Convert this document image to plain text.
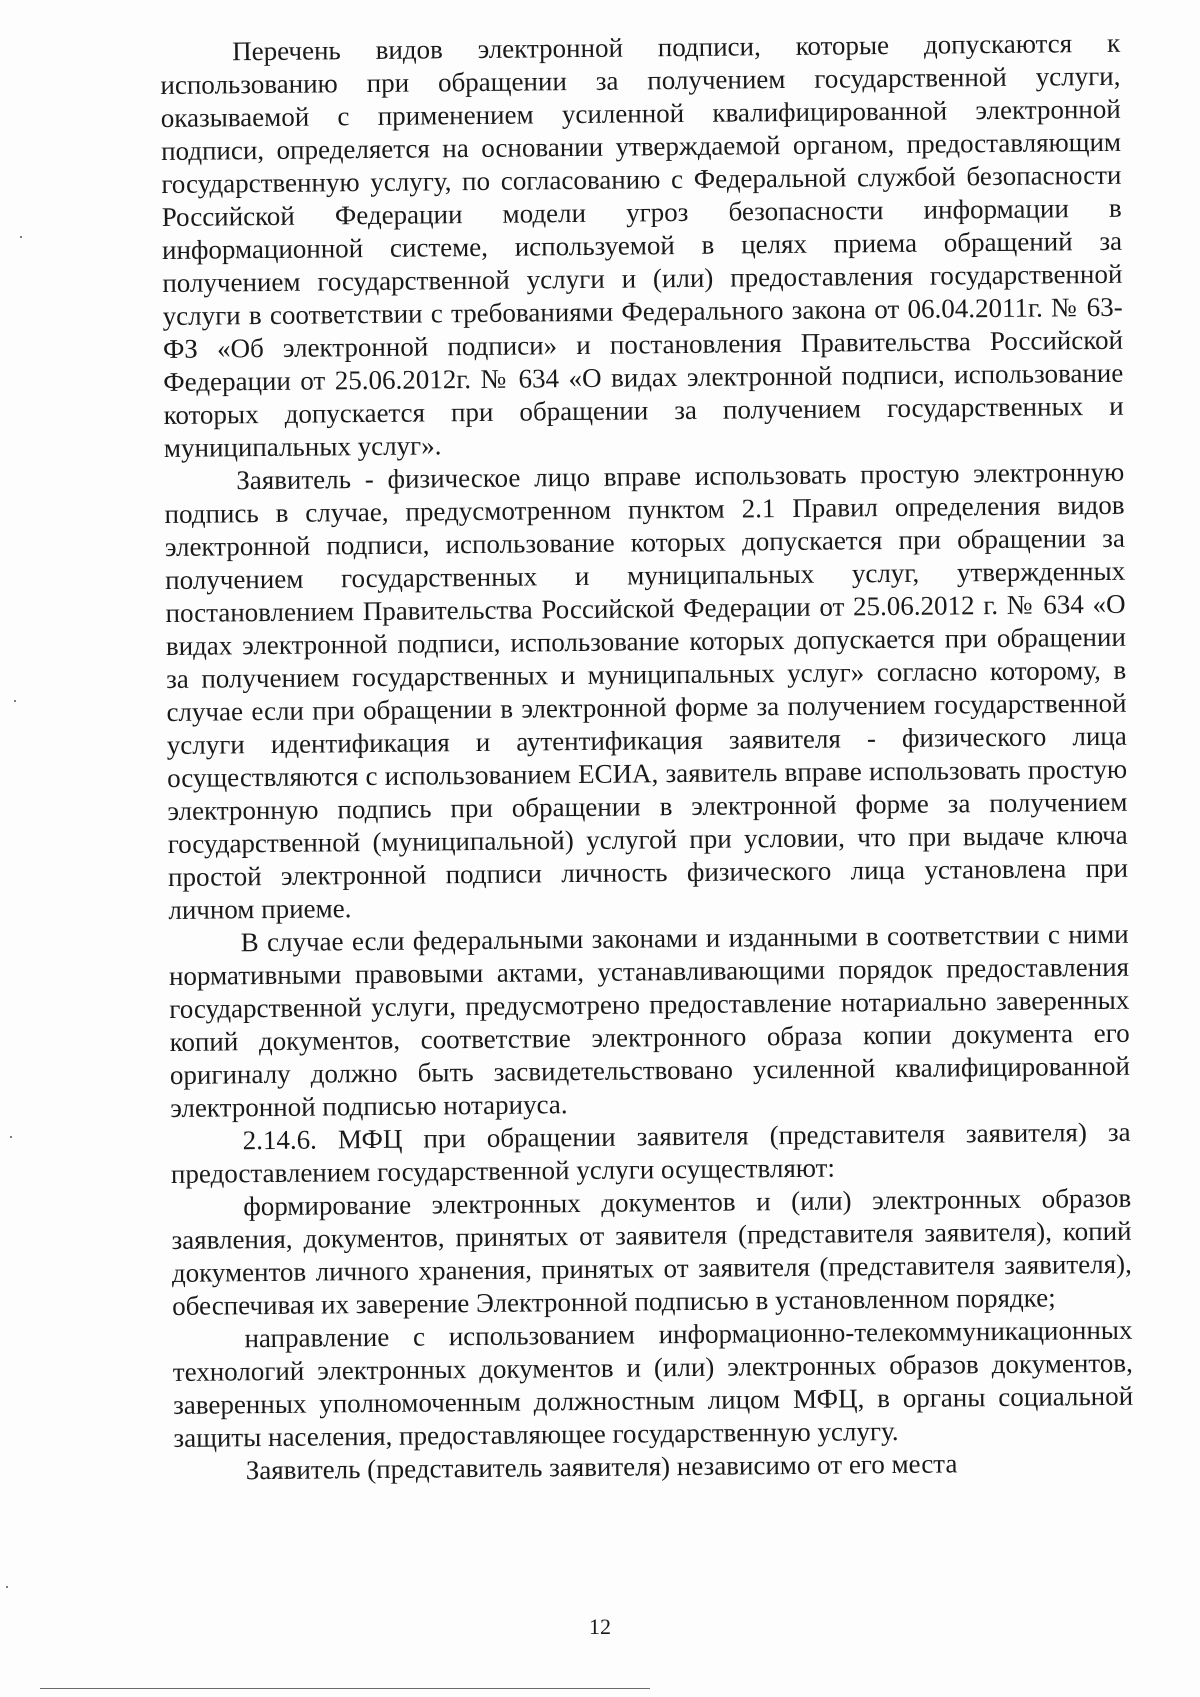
Перечень видов электронной подписи, которые допускаются к использованию при обращении за получением государственной услуги, оказываемой с применением усиленной квалифицированной электронной подписи, определяется на основании утверждаемой органом, предоставляющим государственную услугу, по согласованию с Федеральной службой безопасности Российской Федерации модели угроз безопасности информации в информационной системе, используемой в целях приема обращений за получением государственной услуги и (или) предоставления государственной услуги в соответствии с требованиями Федерального закона от 06.04.2011г. № 63-ФЗ «Об электронной подписи» и постановления Правительства Российской Федерации от 25.06.2012г. № 634 «О видах электронной подписи, использование которых допускается при обращении за получением государственных и муниципальных услуг».

Заявитель - физическое лицо вправе использовать простую электронную подпись в случае, предусмотренном пунктом 2.1 Правил определения видов электронной подписи, использование которых допускается при обращении за получением государственных и муниципальных услуг, утвержденных постановлением Правительства Российской Федерации от 25.06.2012 г. № 634 «О видах электронной подписи, использование которых допускается при обращении за получением государственных и муниципальных услуг» согласно которому, в случае если при обращении в электронной форме за получением государственной услуги идентификация и аутентификация заявителя - физического лица осуществляются с использованием ЕСИА, заявитель вправе использовать простую электронную подпись при обращении в электронной форме за получением государственной (муниципальной) услугой при условии, что при выдаче ключа простой электронной подписи личность физического лица установлена при личном приеме.

В случае если федеральными законами и изданными в соответствии с ними нормативными правовыми актами, устанавливающими порядок предоставления государственной услуги, предусмотрено предоставление нотариально заверенных копий документов, соответствие электронного образа копии документа его оригиналу должно быть засвидетельствовано усиленной квалифицированной электронной подписью нотариуса.

2.14.6. МФЦ при обращении заявителя (представителя заявителя) за предоставлением государственной услуги осуществляют:

формирование электронных документов и (или) электронных образов заявления, документов, принятых от заявителя (представителя заявителя), копий документов личного хранения, принятых от заявителя (представителя заявителя), обеспечивая их заверение Электронной подписью в установленном порядке;

направление с использованием информационно-телекоммуникационных технологий электронных документов и (или) электронных образов документов, заверенных уполномоченным должностным лицом МФЦ, в органы социальной защиты населения, предоставляющее государственную услугу.

Заявитель (представитель заявителя) независимо от его места

12
